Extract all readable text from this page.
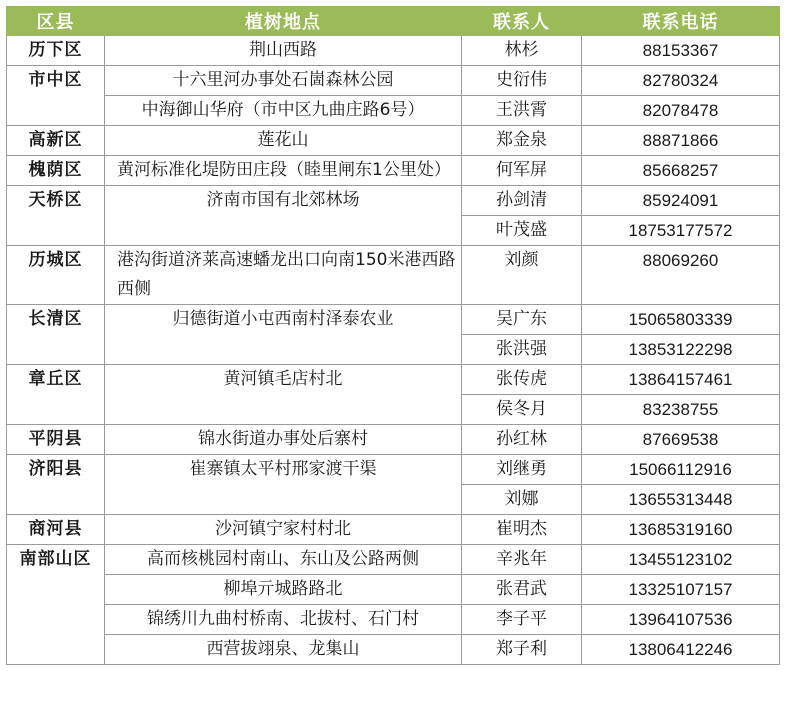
区县	植树地点	联系人	联系电话
历下区	荆山西路	林杉	88153367
市中区	十六里河办事处石崮森林公园	史衍伟	82780324
	中海御山华府（市中区九曲庄路6号）	王洪霄	82078478
高新区	莲花山	郑金泉	88871866
槐荫区	黄河标准化堤防田庄段（睦里闸东1公里处）	何军屏	85668257
天桥区	济南市国有北郊林场	孙剑清	85924091
		叶茂盛	18753177572
历城区	港沟街道济莱高速蟠龙出口向南150米港西路西侧	刘颜	88069260
长清区	归德街道小屯西南村泽泰农业	吴广东	15065803339
		张洪强	13853122298
章丘区	黄河镇毛店村北	张传虎	13864157461
		侯冬月	83238755
平阴县	锦水街道办事处后寨村	孙红林	87669538
济阳县	崔寨镇太平村邢家渡干渠	刘继勇	15066112916
		刘娜	13655313448
商河县	沙河镇宁家村村北	崔明杰	13685319160
南部山区	高而核桃园村南山、东山及公路两侧	辛兆年	13455123102
	柳埠亓城路路北	张君武	13325107157
	锦绣川九曲村桥南、北拔村、石门村	李子平	13964107536
	西营拔翊泉、龙集山	郑子利	13806412246
